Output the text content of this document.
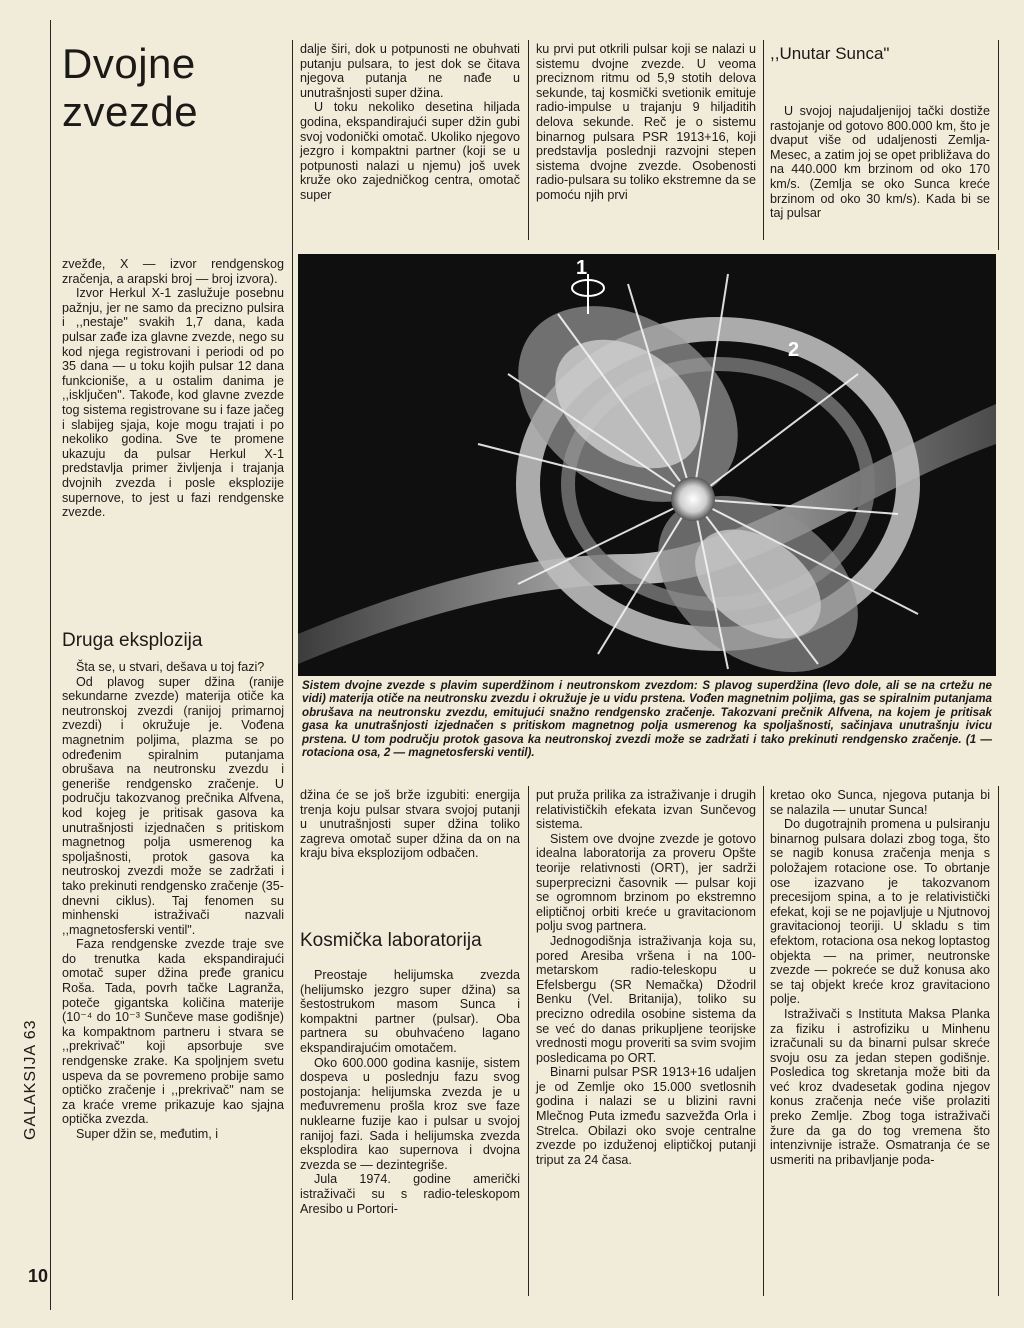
GALAKSIJA 63
10
Dvojne
zvezde

zvežđe, X — izvor rendgenskog zračenja, a arapski broj — broj izvora).

Izvor Herkul X-1 zaslužuje posebnu pažnju, jer ne samo da precizno pulsira i ,,nestaje" svakih 1,7 dana, kada pulsar zađe iza glavne zvezde, nego su kod njega registrovani i periodi od po 35 dana — u toku kojih pulsar 12 dana funkcioniše, a u ostalim danima je ,,isključen". Takođe, kod glavne zvezde tog sistema registrovane su i faze jačeg i slabijeg sjaja, koje mogu trajati i po nekoliko godina. Sve te promene ukazuju da pulsar Herkul X-1 predstavlja primer življenja i trajanja dvojnih zvezda i posle eksplozije supernove, to jest u fazi rendgenske zvezde.

Druga eksplozija

Šta se, u stvari, dešava u toj fazi?

Od plavog super džina (ranije sekundarne zvezde) materija otiče ka neutronskoj zvezdi (ranijoj primarnoj zvezdi) i okružuje je. Vođena magnetnim poljima, plazma se po određenim spiralnim putanjama obrušava na neutronsku zvezdu i generiše rendgensko zračenje. U području takozvanog prečnika Alfvena, kod kojeg je pritisak gasova ka unutrašnjosti izjednačen s pritiskom magnetnog polja usmerenog ka spoljašnosti, protok gasova ka neutroskoj zvezdi može se zadržati i tako prekinuti rendgensko zračenje (35-dnevni ciklus). Taj fenomen su minhenski istraživači nazvali ,,magnetosferski ventil".

Faza rendgenske zvezde traje sve do trenutka kada ekspandirajući omotač super džina pređe granicu Roša. Tada, povrh tačke Lagranža, poteče gigantska količina materije (10⁻⁴ do 10⁻³ Sunčeve mase godišnje) ka kompaktnom partneru i stvara se ,,prekrivač" koji apsorbuje sve rendgenske zrake. Ka spoljnjem svetu uspeva da se povremeno probije samo optičko zračenje i ,,prekrivač" nam se za kraće vreme prikazuje kao sjajna optička zvezda.

Super džin se, međutim, i

dalje širi, dok u potpunosti ne obuhvati putanju pulsara, to jest dok se čitava njegova putanja ne nađe u unutrašnjosti super džina.

U toku nekoliko desetina hiljada godina, ekspandirajući super džin gubi svoj vodonički omotač. Ukoliko njegovo jezgro i kompaktni partner (koji se u potpunosti nalazi u njemu) još uvek kruže oko zajedničkog centra, omotač super

ku prvi put otkrili pulsar koji se nalazi u sistemu dvojne zvezde. U veoma preciznom ritmu od 5,9 stotih delova sekunde, taj kosmički svetionik emituje radio-impulse u trajanju 9 hiljaditih delova sekunde. Reč je o sistemu binarnog pulsara PSR 1913+16, koji predstavlja poslednji razvojni stepen sistema dvojne zvezde. Osobenosti radio-pulsara su toliko ekstremne da se pomoću njih prvi

,,Unutar Sunca"

U svojoj najudaljenijoj tački dostiže rastojanje od gotovo 800.000 km, što je dvaput više od udaljenosti Zemlja-Mesec, a zatim joj se opet približava do na 440.000 km brzinom od oko 170 km/s. (Zemlja se oko Sunca kreće brzinom od oko 30 km/s). Kada bi se taj pulsar

1
2
Sistem dvojne zvezde s plavim superdžinom i neutronskom zvezdom: S plavog superdžina (levo dole, ali se na crtežu ne vidi) materija otiče na neutronsku zvezdu i okružuje je u vidu prstena. Vođen magnetnim poljima, gas se spiralnim putanjama obrušava na neutronsku zvezdu, emitujući snažno rendgensko zračenje. Takozvani prečnik Alfvena, na kojem je pritisak gasa ka unutrašnjosti izjednačen s pritiskom magnetnog polja usmerenog ka spoljašnosti, sačinjava unutrašnju ivicu prstena. U tom području protok gasova ka neutronskoj zvezdi može se zadržati i tako prekinuti rendgensko zračenje. (1 — rotaciona osa, 2 — magnetosferski ventil).

džina će se još brže izgubiti: energija trenja koju pulsar stvara svojoj putanji u unutrašnjosti super džina toliko zagreva omotač super džina da on na kraju biva eksplozijom odbačen.

Kosmička laboratorija

Preostaje helijumska zvezda (helijumsko jezgro super džina) sa šestostrukom masom Sunca i kompaktni partner (pulsar). Oba partnera su obuhvaćeno lagano ekspandirajućim omotačem.

Oko 600.000 godina kasnije, sistem dospeva u poslednju fazu svog postojanja: helijumska zvezda je u međuvremenu prošla kroz sve faze nuklearne fuzije kao i pulsar u svojoj ranijoj fazi. Sada i helijumska zvezda eksplodira kao supernova i dvojna zvezda se — dezintegriše.

Jula 1974. godine američki istraživači su s radio-teleskopom Aresibo u Portori-

put pruža prilika za istraživanje i drugih relativističkih efekata izvan Sunčevog sistema.

Sistem ove dvojne zvezde je gotovo idealna laboratorija za proveru Opšte teorije relativnosti (ORT), jer sadrži superprecizni časovnik — pulsar koji se ogromnom brzinom po ekstremno eliptičnoj orbiti kreće u gravitacionom polju svog partnera.

Jednogodišnja istraživanja koja su, pored Aresiba vršena i na 100-metarskom radio-teleskopu u Efelsbergu (SR Nemačka) Džodril Benku (Vel. Britanija), toliko su precizno odredila osobine sistema da se već do danas prikupljene teorijske vrednosti mogu proveriti sa svim svojim posledicama po ORT.

Binarni pulsar PSR 1913+16 udaljen je od Zemlje oko 15.000 svetlosnih godina i nalazi se u blizini ravni Mlečnog Puta između sazvežđa Orla i Strelca. Obilazi oko svoje centralne zvezde po izduženoj eliptičkoj putanji triput za 24 časa.

kretao oko Sunca, njegova putanja bi se nalazila — unutar Sunca!

Do dugotrajnih promena u pulsiranju binarnog pulsara dolazi zbog toga, što se nagib konusa zračenja menja s položajem rotacione ose. To obrtanje ose izazvano je takozvanom precesijom spina, a to je relativistički efekat, koji se ne pojavljuje u Njutnovoj gravitacionoj teoriji. U skladu s tim efektom, rotaciona osa nekog loptastog objekta — na primer, neutronske zvezde — pokreće se duž konusa ako se taj objekt kreće kroz gravitaciono polje.

Istraživači s Instituta Maksa Planka za fiziku i astrofiziku u Minhenu izračunali su da binarni pulsar skreće svoju osu za jedan stepen godišnje. Posledica tog skretanja može biti da već kroz dvadesetak godina njegov konus zračenja neće više prolaziti preko Zemlje. Zbog toga istraživači žure da ga do tog vremena što intenzivnije istraže. Osmatranja će se usmeriti na pribavljanje poda-
